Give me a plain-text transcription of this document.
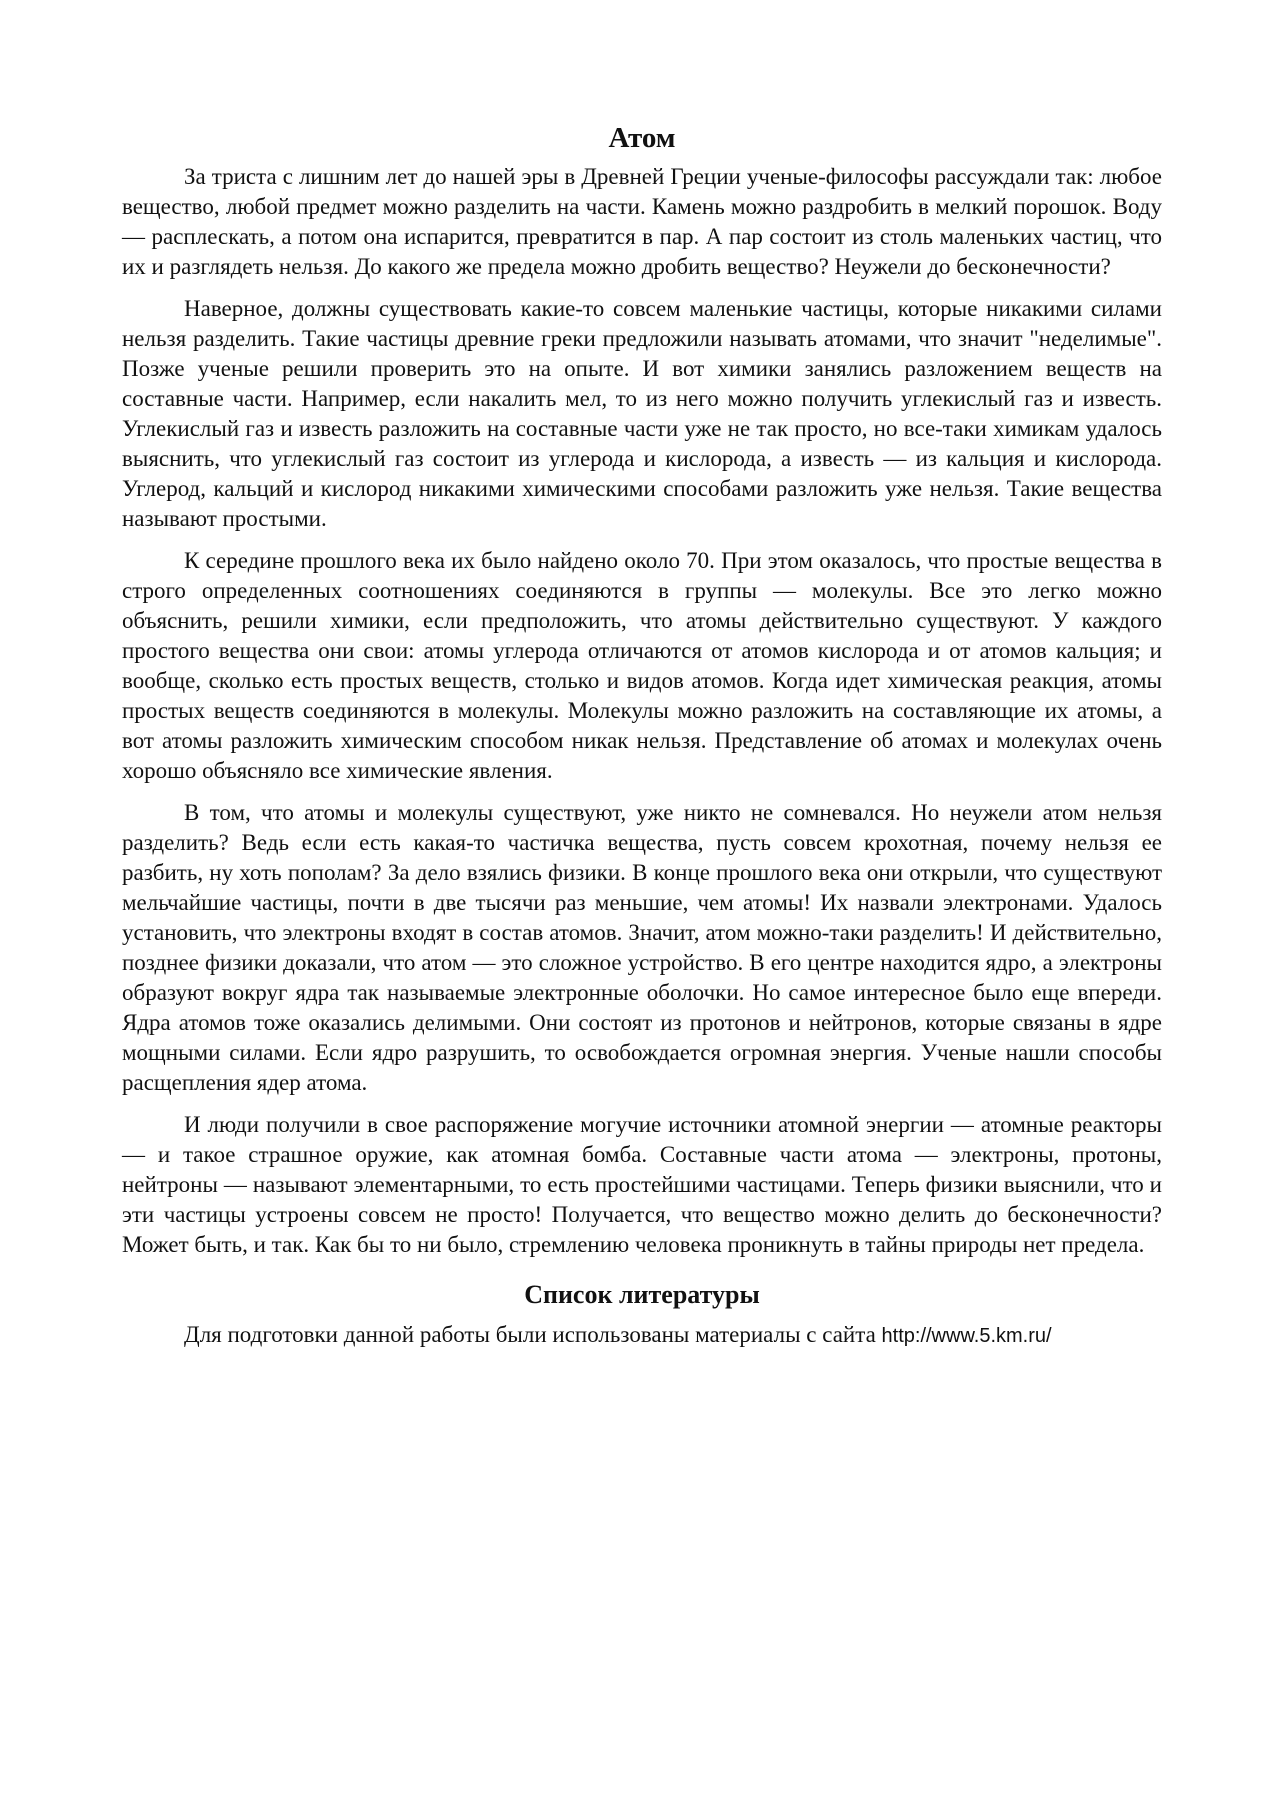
Атом

За триста с лишним лет до нашей эры в Древней Греции ученые-философы рассуждали так: любое вещество, любой предмет можно разделить на части. Камень можно раздробить в мелкий порошок. Воду — расплескать, а потом она испарится, превратится в пар. А пар состоит из столь маленьких частиц, что их и разглядеть нельзя. До какого же предела можно дробить вещество? Неужели до бесконечности?

Наверное, должны существовать какие-то совсем маленькие частицы, которые никакими силами нельзя разделить. Такие частицы древние греки предложили называть атомами, что значит "неделимые". Позже ученые решили проверить это на опыте. И вот химики занялись разложением веществ на составные части. Например, если накалить мел, то из него можно получить углекислый газ и известь. Углекислый газ и известь разложить на составные части уже не так просто, но все-таки химикам удалось выяснить, что углекислый газ состоит из углерода и кислорода, а известь — из кальция и кислорода. Углерод, кальций и кислород никакими химическими способами разложить уже нельзя. Такие вещества называют простыми.

К середине прошлого века их было найдено около 70. При этом оказалось, что простые вещества в строго определенных соотношениях соединяются в группы — молекулы. Все это легко можно объяснить, решили химики, если предположить, что атомы действительно существуют. У каждого простого вещества они свои: атомы углерода отличаются от атомов кислорода и от атомов кальция; и вообще, сколько есть простых веществ, столько и видов атомов. Когда идет химическая реакция, атомы простых веществ соединяются в молекулы. Молекулы можно разложить на составляющие их атомы, а вот атомы разложить химическим способом никак нельзя. Представление об атомах и молекулах очень хорошо объясняло все химические явления.

В том, что атомы и молекулы существуют, уже никто не сомневался. Но неужели атом нельзя разделить? Ведь если есть какая-то частичка вещества, пусть совсем крохотная, почему нельзя ее разбить, ну хоть пополам? За дело взялись физики. В конце прошлого века они открыли, что существуют мельчайшие частицы, почти в две тысячи раз меньшие, чем атомы! Их назвали электронами. Удалось установить, что электроны входят в состав атомов. Значит, атом можно-таки разделить! И действительно, позднее физики доказали, что атом — это сложное устройство. В его центре находится ядро, а электроны образуют вокруг ядра так называемые электронные оболочки. Но самое интересное было еще впереди. Ядра атомов тоже оказались делимыми. Они состоят из протонов и нейтронов, которые связаны в ядре мощными силами. Если ядро разрушить, то освобождается огромная энергия. Ученые нашли способы расщепления ядер атома.

И люди получили в свое распоряжение могучие источники атомной энергии — атомные реакторы — и такое страшное оружие, как атомная бомба. Составные части атома — электроны, протоны, нейтроны — называют элементарными, то есть простейшими частицами. Теперь физики выяснили, что и эти частицы устроены совсем не просто! Получается, что вещество можно делить до бесконечности? Может быть, и так. Как бы то ни было, стремлению человека проникнуть в тайны природы нет предела.

Список литературы

Для подготовки данной работы были использованы материалы с сайта http://www.5.km.ru/
